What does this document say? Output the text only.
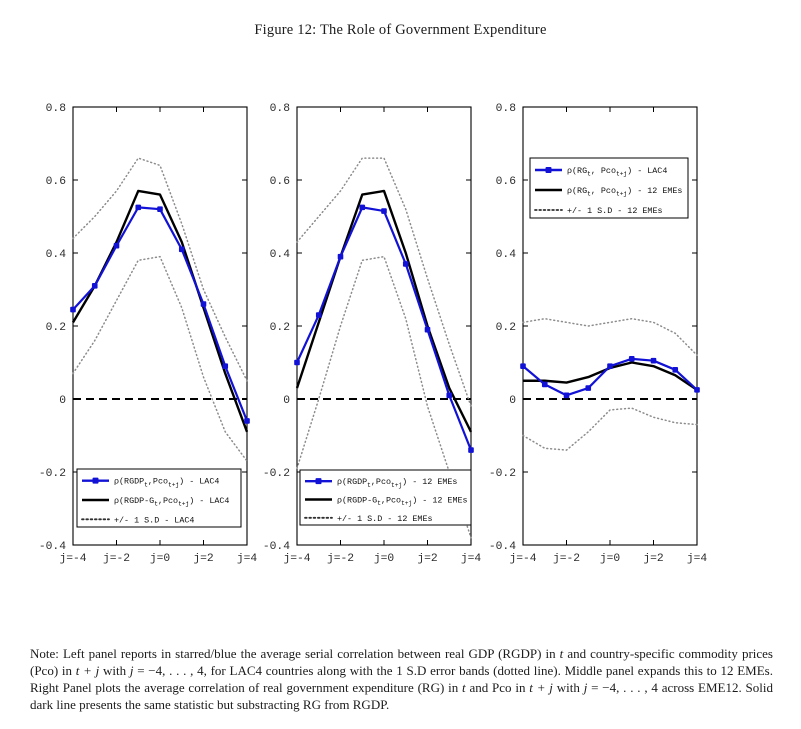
Figure 12: The Role of Government Expenditure
0.8
0.6
0.4
0.2
0
-0.2
-0.4
j=-4 j=-2 j=0 j=2 j=4
$\rho(RGDP_t,Pco_{t+j}) - LAC4$
$\rho(RGDP-G_t,Pco_{t+j}) - LAC4$
+/- 1 S.D - LAC4
0.8
0.6
0.4
0.2
0
-0.2
-0.4
j=-4 j=-2 j=0 j=2 j=4
$\rho(RGDP_t,Pco_{t+j}) - 12$ EMEs
$\rho(RGDP-G_t,Pco_{t+j}) - 12$ EMEs
+/- 1 S.D - 12 EMEs
0.8
0.6
0.4
0.2
0
-0.2
-0.4
j=-4 j=-2 j=0 j=2 j=4
$\rho(RG_t$, Pco$_{t+j}$) - LAC4
$\rho(RG_t$, Pco$_{t+j}$) - 12 EMEs
+/- 1 S.D - 12 EMEs
Note: Left panel reports in starred/blue the average serial correlation between real GDP (RGDP) in t and country-specific commodity prices (Pco) in t + j with j = −4, . . . , 4, for LAC4 countries along with the 1 S.D error bands (dotted line). Middle panel expands this to 12 EMEs. Right Panel plots the average correlation of real government expenditure (RG) in t and Pco in t + j with j = −4, . . . , 4 across EME12. Solid dark line presents the same statistic but substracting RG from RGDP.
